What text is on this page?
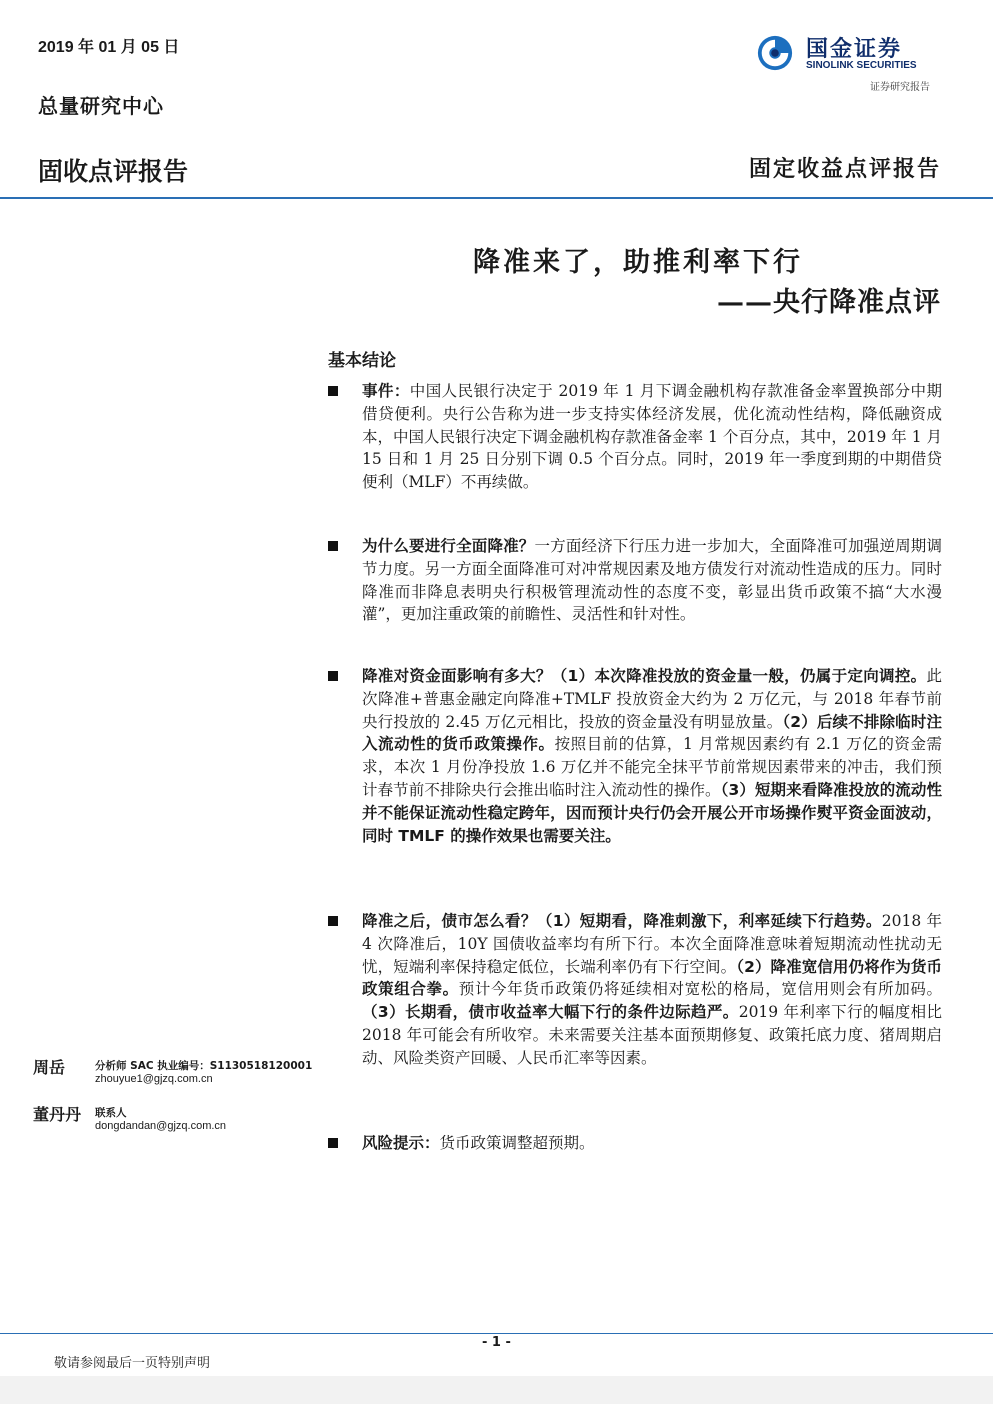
2019 年 01 月 05 日
总量研究中心
国金证券
SINOLINK SECURITIES
证券研究报告
固收点评报告	固定收益点评报告
降准来了，助推利率下行
——央行降准点评
基本结论
事件：中国人民银行决定于 2019 年 1 月下调金融机构存款准备金率置换部分中期借贷便利。央行公告称为进一步支持实体经济发展，优化流动性结构，降低融资成本，中国人民银行决定下调金融机构存款准备金率 1 个百分点，其中，2019 年 1 月 15 日和 1 月 25 日分别下调 0.5 个百分点。同时，2019 年一季度到期的中期借贷便利（MLF）不再续做。
为什么要进行全面降准？一方面经济下行压力进一步加大，全面降准可加强逆周期调节力度。另一方面全面降准可对冲常规因素及地方债发行对流动性造成的压力。同时降准而非降息表明央行积极管理流动性的态度不变，彰显出货币政策不搞“大水漫灌”，更加注重政策的前瞻性、灵活性和针对性。
降准对资金面影响有多大？（1）本次降准投放的资金量一般，仍属于定向调控。此次降准+普惠金融定向降准+TMLF 投放资金大约为 2 万亿元，与 2018 年春节前央行投放的 2.45 万亿元相比，投放的资金量没有明显放量。（2）后续不排除临时注入流动性的货币政策操作。按照目前的估算，1 月常规因素约有 2.1 万亿的资金需求，本次 1 月份净投放 1.6 万亿并不能完全抹平节前常规因素带来的冲击，我们预计春节前不排除央行会推出临时注入流动性的操作。（3）短期来看降准投放的流动性并不能保证流动性稳定跨年，因而预计央行仍会开展公开市场操作熨平资金面波动，同时 TMLF 的操作效果也需要关注。
降准之后，债市怎么看？（1）短期看，降准刺激下，利率延续下行趋势。2018 年 4 次降准后，10Y 国债收益率均有所下行。本次全面降准意味着短期流动性扰动无忧，短端利率保持稳定低位，长端利率仍有下行空间。（2）降准宽信用仍将作为货币政策组合拳。预计今年货币政策仍将延续相对宽松的格局，宽信用则会有所加码。（3）长期看，债市收益率大幅下行的条件边际趋严。2019 年利率下行的幅度相比 2018 年可能会有所收窄。未来需要关注基本面预期修复、政策托底力度、猪周期启动、风险类资产回暖、人民币汇率等因素。
风险提示：货币政策调整超预期。
周岳	分析师 SAC 执业编号：S1130518120001
zhouyue1@gjzq.com.cn
董丹丹 联系人
dongdandan@gjzq.com.cn
- 1 -
敬请参阅最后一页特别声明
